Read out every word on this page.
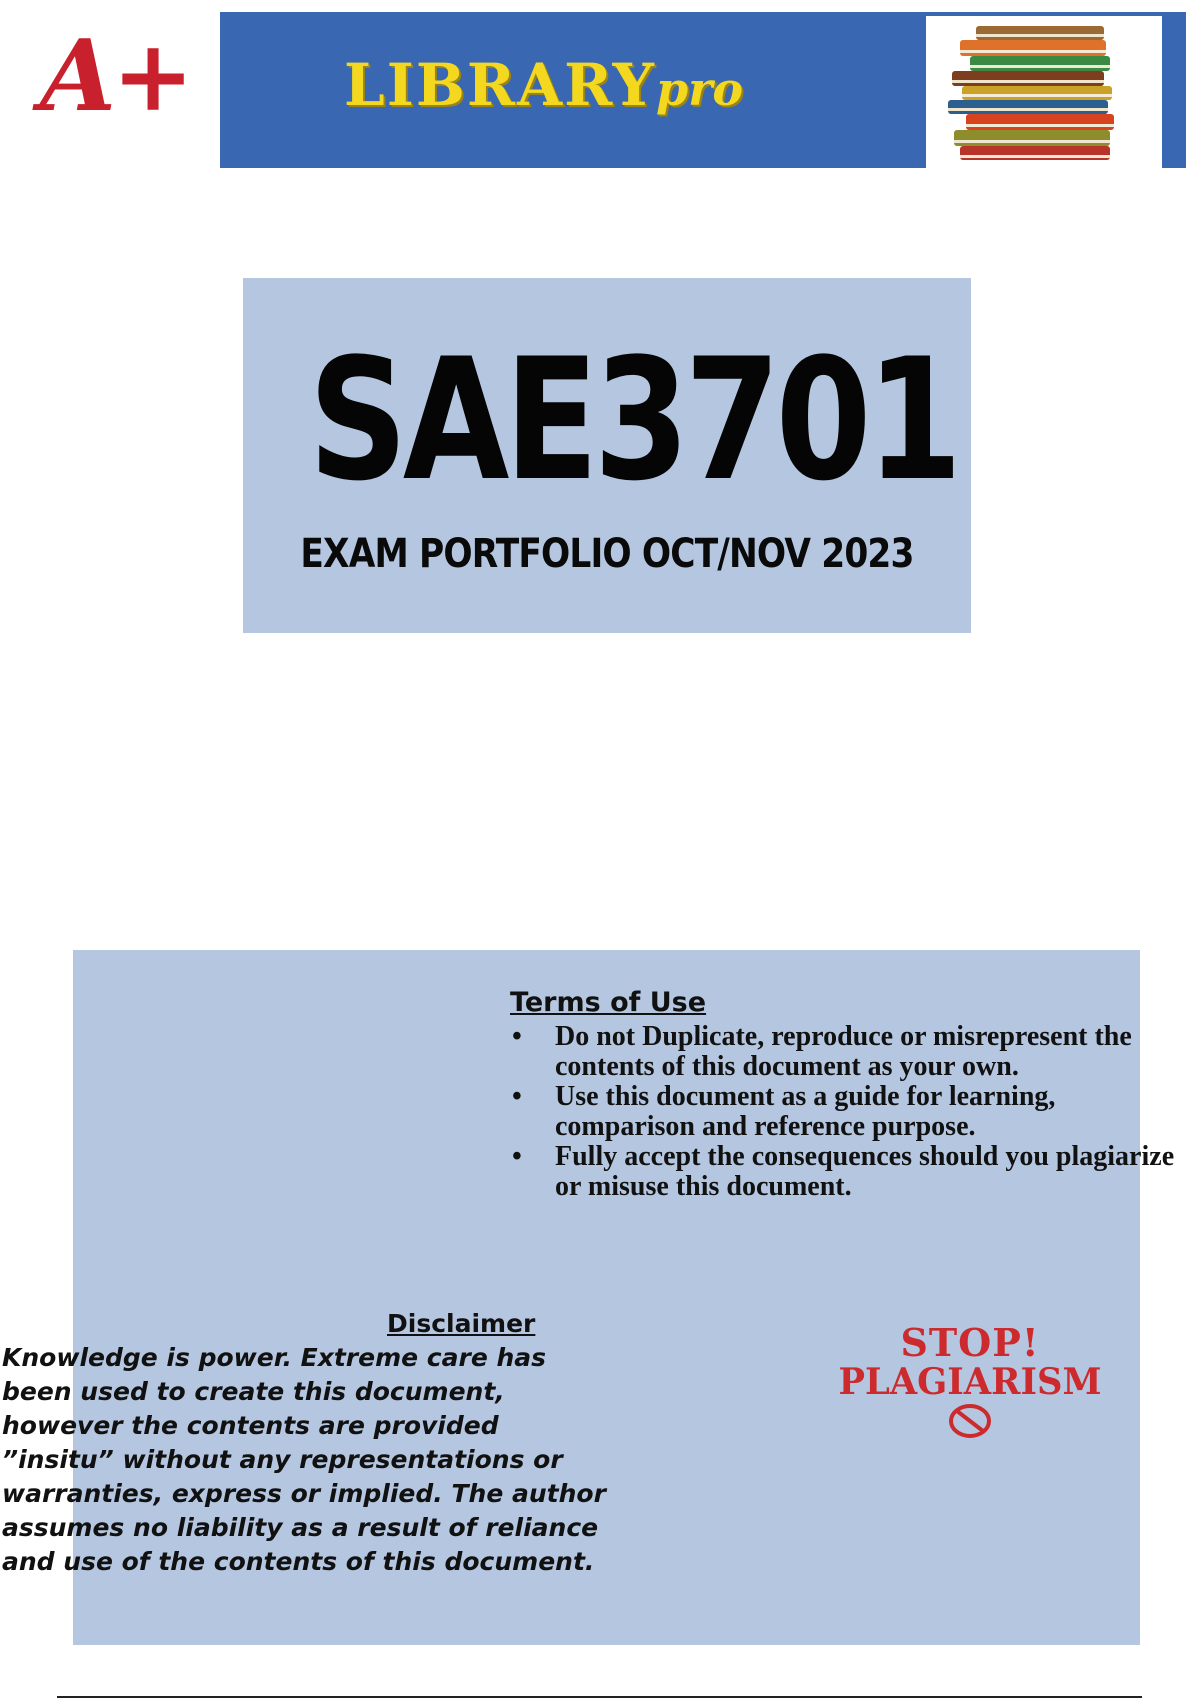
A+	LIBRARYpro
SAE3701
EXAM PORTFOLIO OCT/NOV 2023
Terms of Use
•	Do not Duplicate, reproduce or misrepresent the contents of this document as your own.
•	Use this document as a guide for learning, comparison and reference purpose.
•	Fully accept the consequences should you plagiarize or misuse this document.
Disclaimer
Knowledge is power. Extreme care has
been used to create this document,
however the contents are provided
”insitu” without any representations or
warranties, express or implied. The author
assumes no liability as a result of reliance
and use of the contents of this document.
STOP!
PLAGIARISM
